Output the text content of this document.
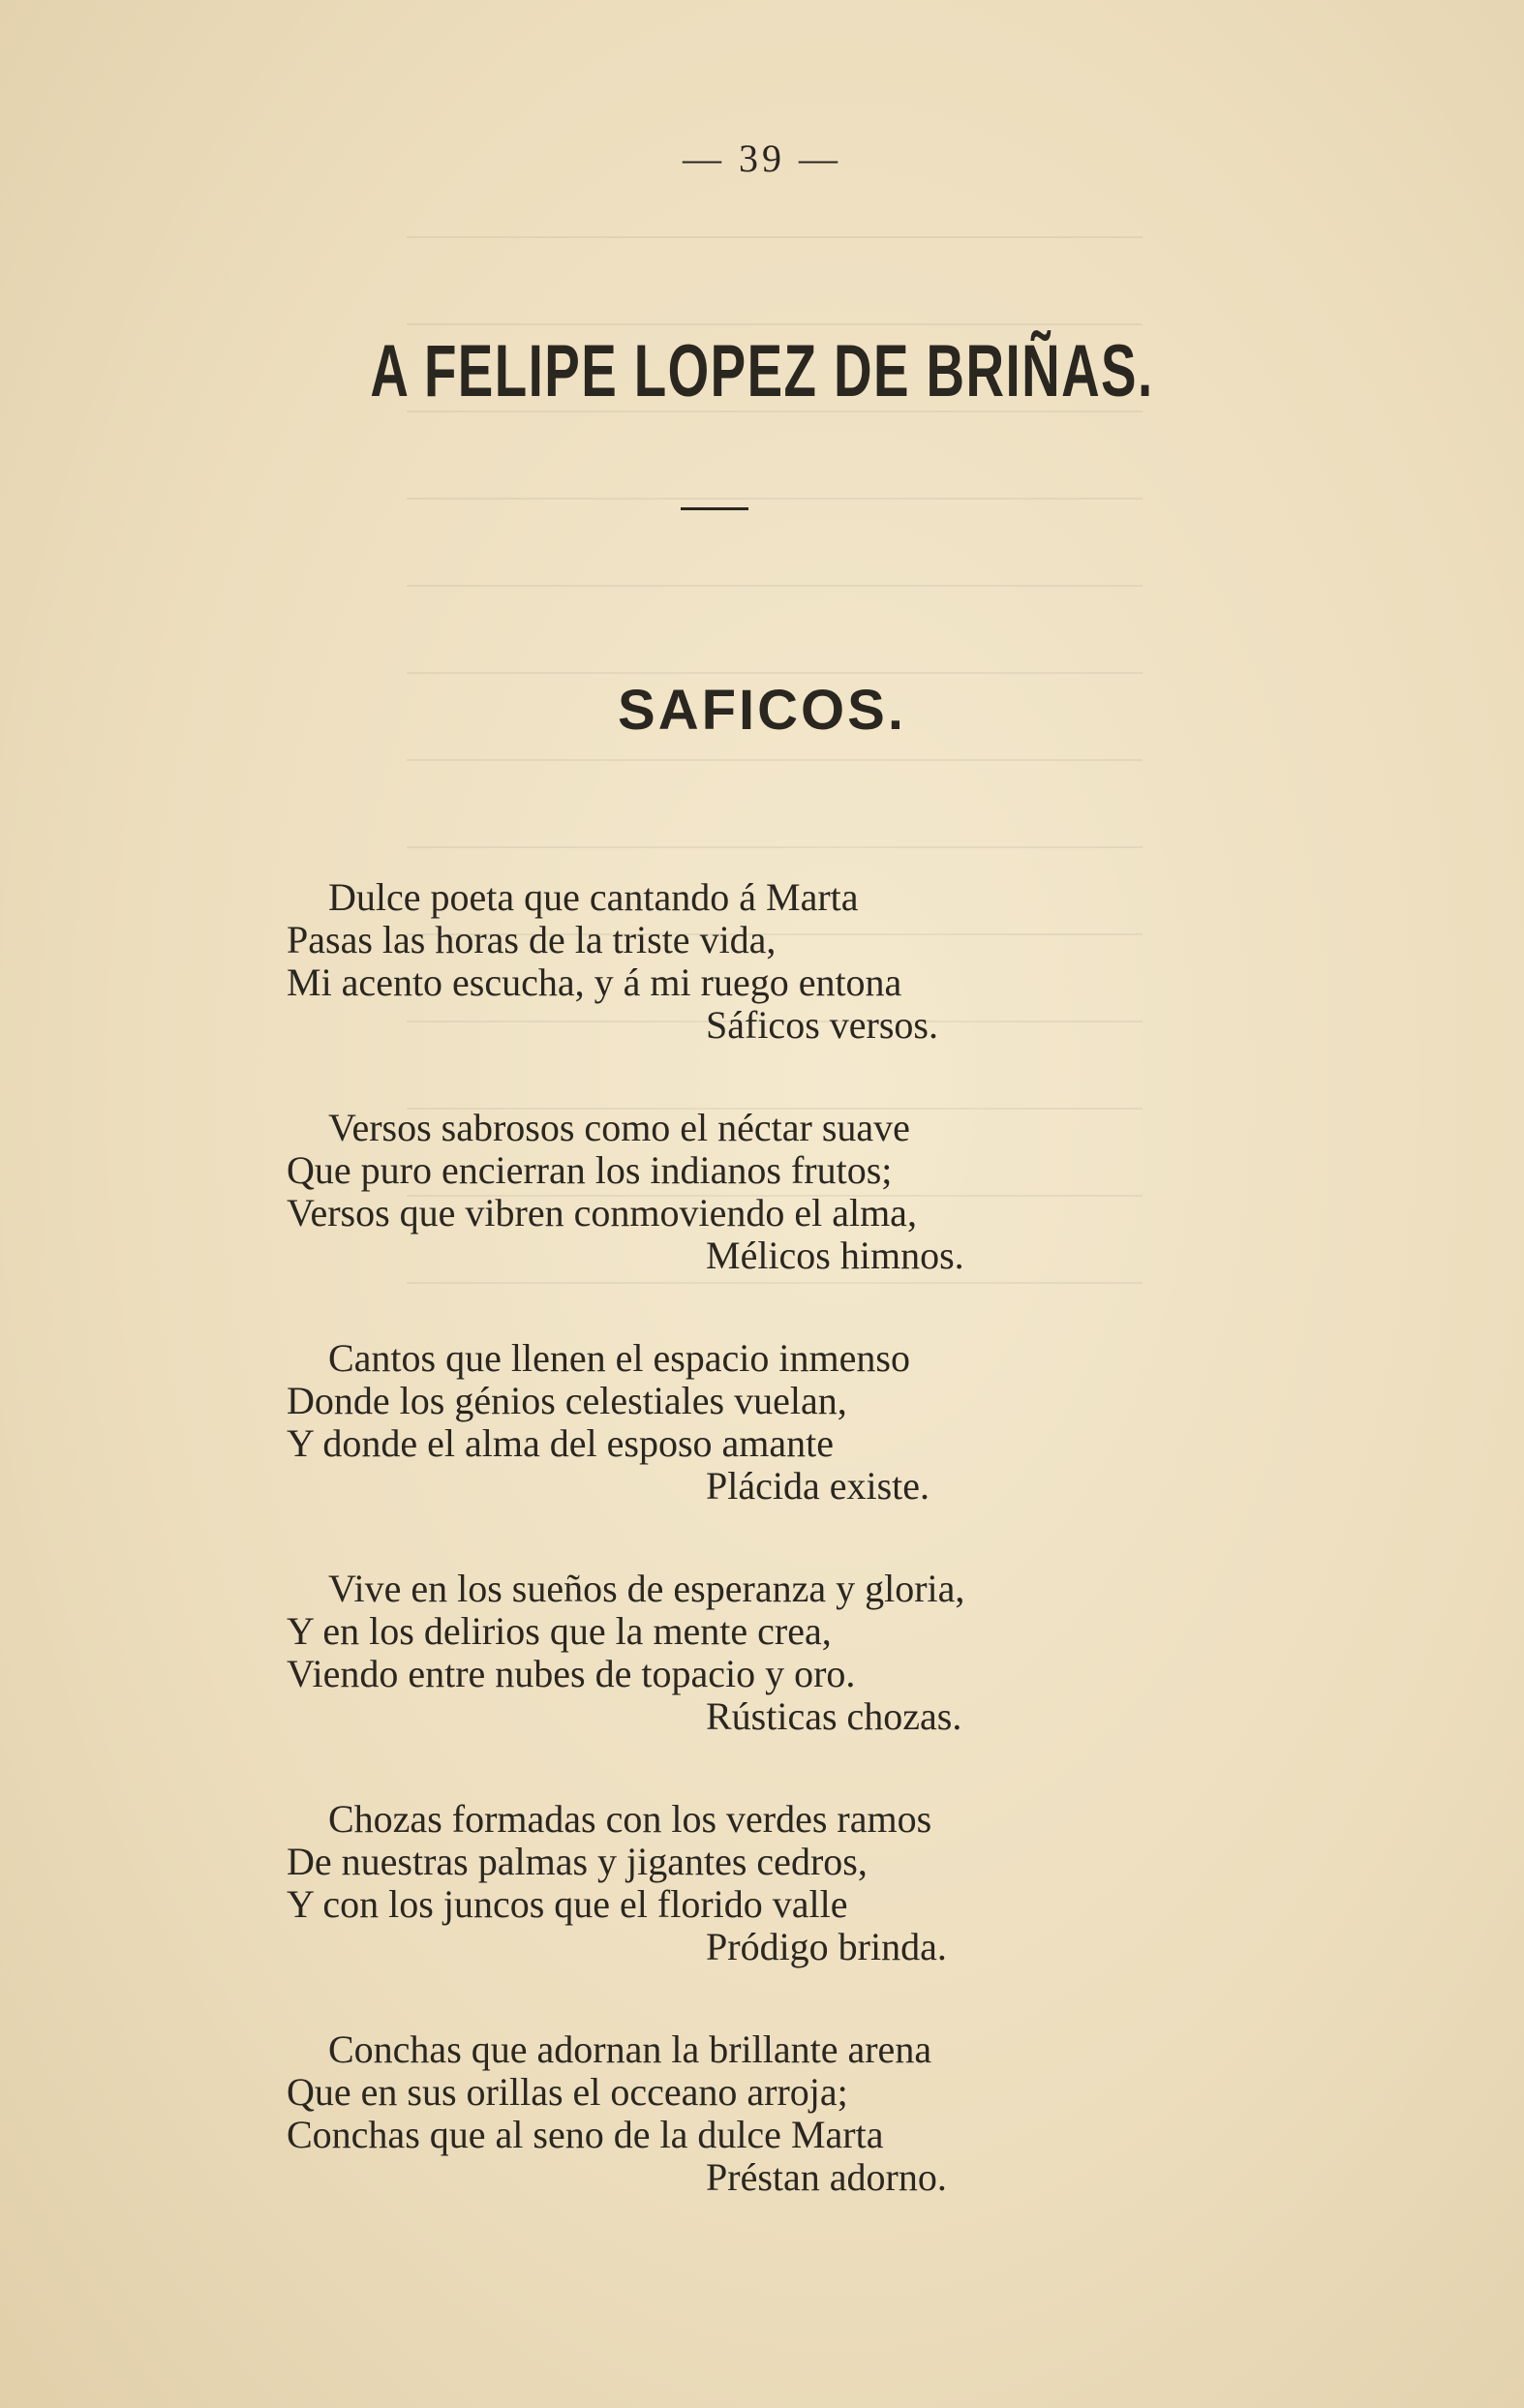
— 39 —
A FELIPE LOPEZ DE BRIÑAS.
SAFICOS.
Dulce poeta que cantando á Marta
Pasas las horas de la triste vida,
Mi acento escucha, y á mi ruego entona
Sáficos versos.
Versos sabrosos como el néctar suave
Que puro encierran los indianos frutos;
Versos que vibren conmoviendo el alma,
Mélicos himnos.
Cantos que llenen el espacio inmenso
Donde los génios celestiales vuelan,
Y donde el alma del esposo amante
Plácida existe.
Vive en los sueños de esperanza y gloria,
Y en los delirios que la mente crea,
Viendo entre nubes de topacio y oro.
Rústicas chozas.
Chozas formadas con los verdes ramos
De nuestras palmas y jigantes cedros,
Y con los juncos que el florido valle
Pródigo brinda.
Conchas que adornan la brillante arena
Que en sus orillas el occeano arroja;
Conchas que al seno de la dulce Marta
Préstan adorno.
